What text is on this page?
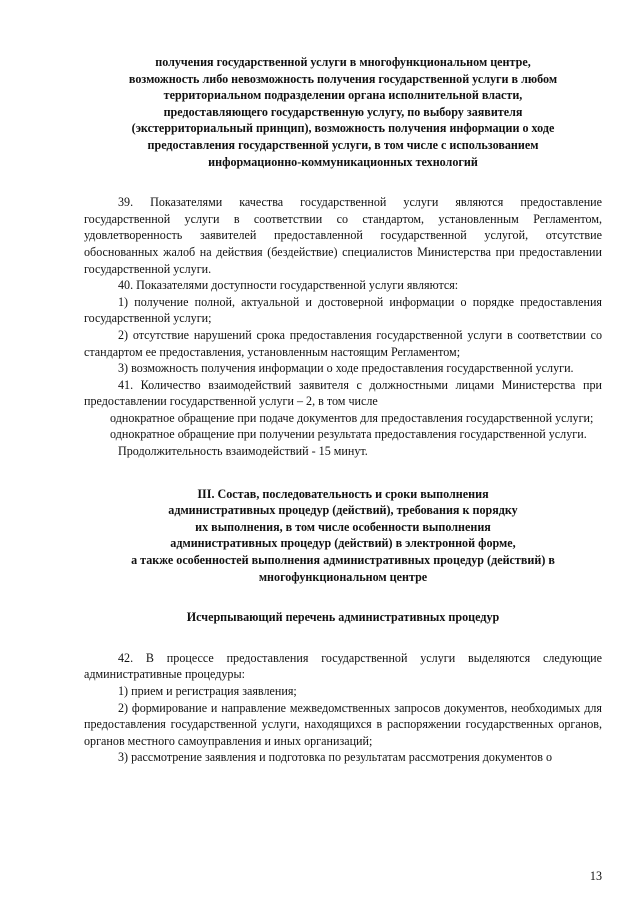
получения государственной услуги в многофункциональном центре,
возможность либо невозможность получения государственной услуги в любом
территориальном подразделении органа исполнительной власти,
предоставляющего государственную услугу, по выбору заявителя
(экстерриториальный принцип), возможность получения информации о ходе
предоставления государственной услуги, в том числе с использованием
информационно-коммуникационных технологий

39. Показателями качества государственной услуги являются предоставление государственной услуги в соответствии со стандартом, установленным Регламентом, удовлетворенность заявителей предоставленной государственной услугой, отсутствие обоснованных жалоб на действия (бездействие) специалистов Министерства при предоставлении государственной услуги.

40. Показателями доступности государственной услуги являются:

1) получение полной, актуальной и достоверной информации о порядке предоставления государственной услуги;

2) отсутствие нарушений срока предоставления государственной услуги в соответствии со стандартом ее предоставления, установленным настоящим Регламентом;

3) возможность получения информации о ходе предоставления государственной услуги.

41. Количество взаимодействий заявителя с должностными лицами Министерства при предоставлении государственной услуги – 2, в том числе

однократное обращение при подаче документов для предоставления государственной услуги;

однократное обращение при получении результата предоставления государственной услуги.

Продолжительность взаимодействий - 15 минут.

III. Состав, последовательность и сроки выполнения
административных процедур (действий), требования к порядку
их выполнения, в том числе особенности выполнения
административных процедур (действий) в электронной форме,
а также особенностей выполнения административных процедур (действий) в
многофункциональном центре
Исчерпывающий перечень административных процедур

42. В процессе предоставления государственной услуги выделяются следующие административные процедуры:

1) прием и регистрация заявления;

2) формирование и направление межведомственных запросов документов, необходимых для предоставления государственной услуги, находящихся в распоряжении государственных органов, органов местного самоуправления и иных организаций;

3) рассмотрение заявления и подготовка по результатам рассмотрения документов о

13
